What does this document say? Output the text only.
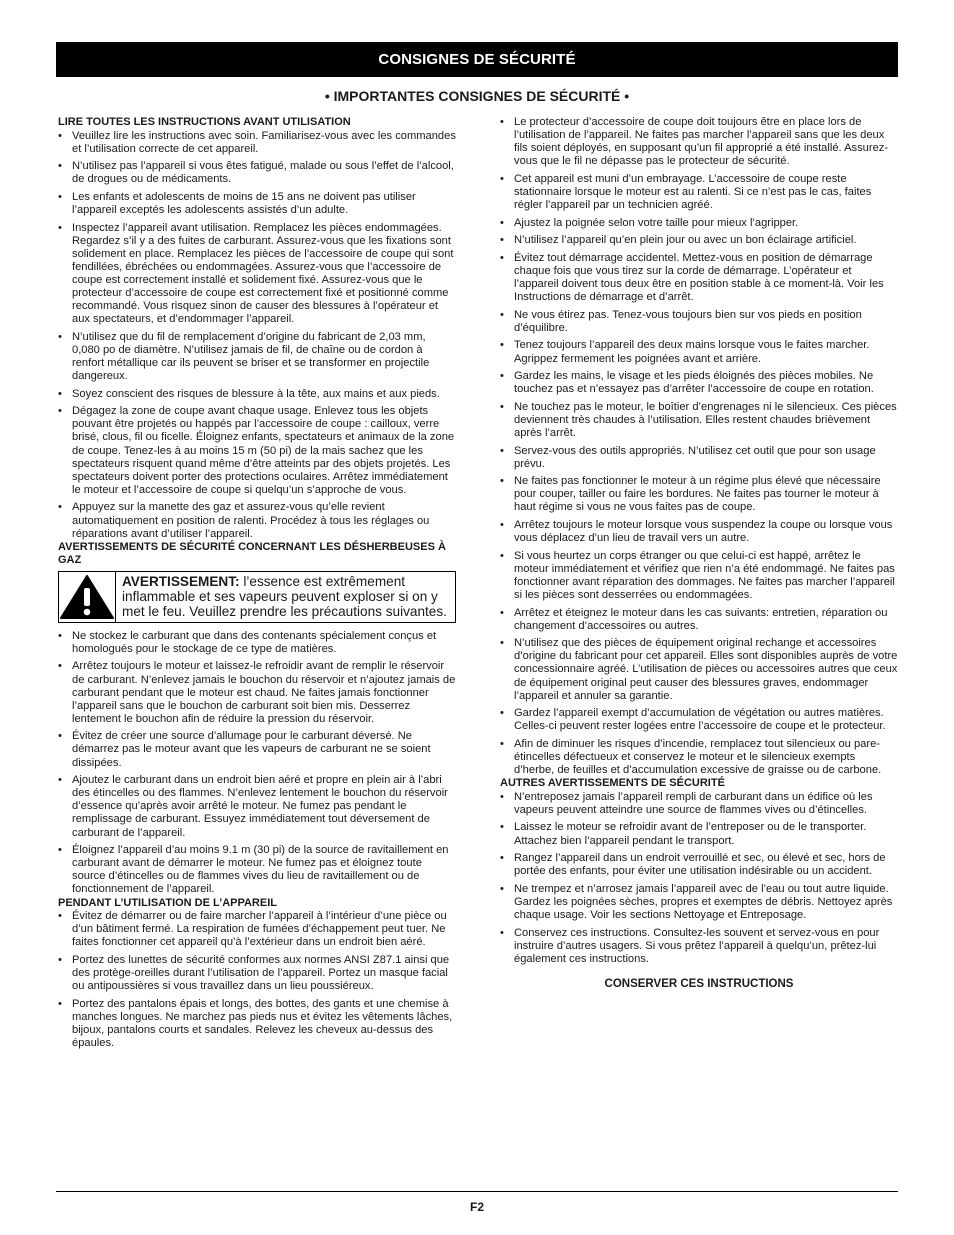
CONSIGNES DE SÉCURITÉ
• IMPORTANTES CONSIGNES DE SÉCURITÉ •

LIRE TOUTES LES INSTRUCTIONS AVANT UTILISATION

• Veuillez lire les instructions avec soin. Familiarisez-vous avec les commandes et l’utilisation correcte de cet appareil.
• N’utilisez pas l’appareil si vous êtes fatigué, malade ou sous l’effet de l’alcool, de drogues ou de médicaments.
• Les enfants et adolescents de moins de 15 ans ne doivent pas utiliser l’appareil exceptés les adolescents assistés d’un adulte.
• Inspectez l’appareil avant utilisation. Remplacez les pièces endommagées. Regardez s’il y a des fuites de carburant. Assurez-vous que les fixations sont solidement en place. Remplacez les pièces de l’accessoire de coupe qui sont fendillées, ébréchées ou endommagées. Assurez-vous que l’accessoire de coupe est correctement installé et solidement fixé. Assurez-vous que le protecteur d’accessoire de coupe est correctement fixé et positionné comme recommandé. Vous risquez sinon de causer des blessures à l’opérateur et aux spectateurs, et d’endommager l’appareil.
• N’utilisez que du fil de remplacement d’origine du fabricant de 2,03 mm, 0,080 po de diamètre. N’utilisez jamais de fil, de chaîne ou de cordon à renfort métallique car ils peuvent se briser et se transformer en projectile dangereux.
• Soyez conscient des risques de blessure à la tête, aux mains et aux pieds.
• Dégagez la zone de coupe avant chaque usage. Enlevez tous les objets pouvant être projetés ou happés par l’accessoire de coupe : cailloux, verre brisé, clous, fil ou ficelle. Éloignez enfants, spectateurs et animaux de la zone de coupe. Tenez-les à au moins 15 m (50 pi) de la mais sachez que les spectateurs risquent quand même d’être atteints par des objets projetés. Les spectateurs doivent porter des protections oculaires. Arrêtez immédiatement le moteur et l’accessoire de coupe si quelqu’un s’approche de vous.
• Appuyez sur la manette des gaz et assurez-vous qu’elle revient automatiquement en position de ralenti. Procédez à tous les réglages ou réparations avant d’utiliser l’appareil.

AVERTISSEMENTS DE SÉCURITÉ CONCERNANT LES DÉSHERBEUSES À GAZ

AVERTISSEMENT: l’essence est extrêmement inflammable et ses vapeurs peuvent exploser si on y met le feu. Veuillez prendre les précautions suivantes.
• Ne stockez le carburant que dans des contenants spécialement conçus et homologués pour le stockage de ce type de matières.
• Arrêtez toujours le moteur et laissez-le refroidir avant de remplir le réservoir de carburant. N’enlevez jamais le bouchon du réservoir et n’ajoutez jamais de carburant pendant que le moteur est chaud. Ne faites jamais fonctionner l’appareil sans que le bouchon de carburant soit bien mis. Desserrez lentement le bouchon afin de réduire la pression du réservoir.
• Évitez de créer une source d’allumage pour le carburant déversé. Ne démarrez pas le moteur avant que les vapeurs de carburant ne se soient dissipées.
• Ajoutez le carburant dans un endroit bien aéré et propre en plein air à l’abri des étincelles ou des flammes. N’enlevez lentement le bouchon du réservoir d’essence qu’après avoir arrêté le moteur. Ne fumez pas pendant le remplissage de carburant. Essuyez immédiatement tout déversement de carburant de l’appareil.
• Éloignez l’appareil d’au moins 9.1 m (30 pi) de la source de ravitaillement en carburant avant de démarrer le moteur. Ne fumez pas et éloignez toute source d’étincelles ou de flammes vives du lieu de ravitaillement ou de fonctionnement de l’appareil.

PENDANT L’UTILISATION DE L’APPAREIL

• Évitez de démarrer ou de faire marcher l’appareil à l’intérieur d’une pièce ou d’un bâtiment fermé. La respiration de fumées d’échappement peut tuer. Ne faites fonctionner cet appareil qu’à l’extérieur dans un endroit bien aéré.
• Portez des lunettes de sécurité conformes aux normes ANSI Z87.1 ainsi que des protège-oreilles durant l’utilisation de l’appareil. Portez un masque facial ou antipoussières si vous travaillez dans un lieu poussiéreux.
• Portez des pantalons épais et longs, des bottes, des gants et une chemise à manches longues. Ne marchez pas pieds nus et évitez les vêtements lâches, bijoux, pantalons courts et sandales. Relevez les cheveux au-dessus des épaules.
• Le protecteur d’accessoire de coupe doit toujours être en place lors de l’utilisation de l’appareil. Ne faites pas marcher l’appareil sans que les deux fils soient déployés, en supposant qu’un fil approprié a été installé. Assurez-vous que le fil ne dépasse pas le protecteur de sécurité.
• Cet appareil est muni d’un embrayage. L’accessoire de coupe reste stationnaire lorsque le moteur est au ralenti. Si ce n’est pas le cas, faites régler l’appareil par un technicien agréé.
• Ajustez la poignée selon votre taille pour mieux l’agripper.
• N’utilisez l’appareil qu’en plein jour ou avec un bon éclairage artificiel.
• Évitez tout démarrage accidentel. Mettez-vous en position de démarrage chaque fois que vous tirez sur la corde de démarrage. L’opérateur et l’appareil doivent tous deux être en position stable à ce moment-là. Voir les Instructions de démarrage et d’arrêt.
• Ne vous étirez pas. Tenez-vous toujours bien sur vos pieds en position d’équilibre.
• Tenez toujours l’appareil des deux mains lorsque vous le faites marcher. Agrippez fermement les poignées avant et arrière.
• Gardez les mains, le visage et les pieds éloignés des pièces mobiles. Ne touchez pas et n’essayez pas d’arrêter l’accessoire de coupe en rotation.
• Ne touchez pas le moteur, le boîtier d’engrenages ni le silencieux. Ces pièces deviennent très chaudes à l’utilisation. Elles restent chaudes brièvement après l’arrêt.
• Servez-vous des outils appropriés. N’utilisez cet outil que pour son usage prévu.
• Ne faites pas fonctionner le moteur à un régime plus élevé que nécessaire pour couper, tailler ou faire les bordures. Ne faites pas tourner le moteur à haut régime si vous ne vous faites pas de coupe.
• Arrêtez toujours le moteur lorsque vous suspendez la coupe ou lorsque vous vous déplacez d’un lieu de travail vers un autre.
• Si vous heurtez un corps étranger ou que celui-ci est happé, arrêtez le moteur immédiatement et vérifiez que rien n’a été endommagé. Ne faites pas fonctionner avant réparation des dommages. Ne faites pas marcher l’appareil si les pièces sont desserrées ou endommagées.
• Arrêtez et éteignez le moteur dans les cas suivants: entretien, réparation ou changement d’accessoires ou autres.
• N’utilisez que des pièces de équipement original rechange et accessoires d’origine du fabricant pour cet appareil. Elles sont disponibles auprès de votre concessionnaire agréé. L’utilisation de pièces ou accessoires autres que ceux de équipement original peut causer des blessures graves, endommager l’appareil et annuler sa garantie.
• Gardez l’appareil exempt d’accumulation de végétation ou autres matières. Celles-ci peuvent rester logées entre l’accessoire de coupe et le protecteur.
• Afin de diminuer les risques d’incendie, remplacez tout silencieux ou pare-étincelles défectueux et conservez le moteur et le silencieux exempts d’herbe, de feuilles et d’accumulation excessive de graisse ou de carbone.

AUTRES AVERTISSEMENTS DE SÉCURITÉ

• N’entreposez jamais l’appareil rempli de carburant dans un édifice où les vapeurs peuvent atteindre une source de flammes vives ou d’étincelles.
• Laissez le moteur se refroidir avant de l’entreposer ou de le transporter. Attachez bien l’appareil pendant le transport.
• Rangez l’appareil dans un endroit verrouillé et sec, ou élevé et sec, hors de portée des enfants, pour éviter une utilisation indésirable ou un accident.
• Ne trempez et n’arrosez jamais l’appareil avec de l’eau ou tout autre liquide. Gardez les poignées sèches, propres et exemptes de débris. Nettoyez après chaque usage. Voir les sections Nettoyage et Entreposage.
• Conservez ces instructions. Consultez-les souvent et servez-vous en pour instruire d’autres usagers. Si vous prêtez l’appareil à quelqu’un, prêtez-lui également ces instructions.
CONSERVER CES INSTRUCTIONS
F2
